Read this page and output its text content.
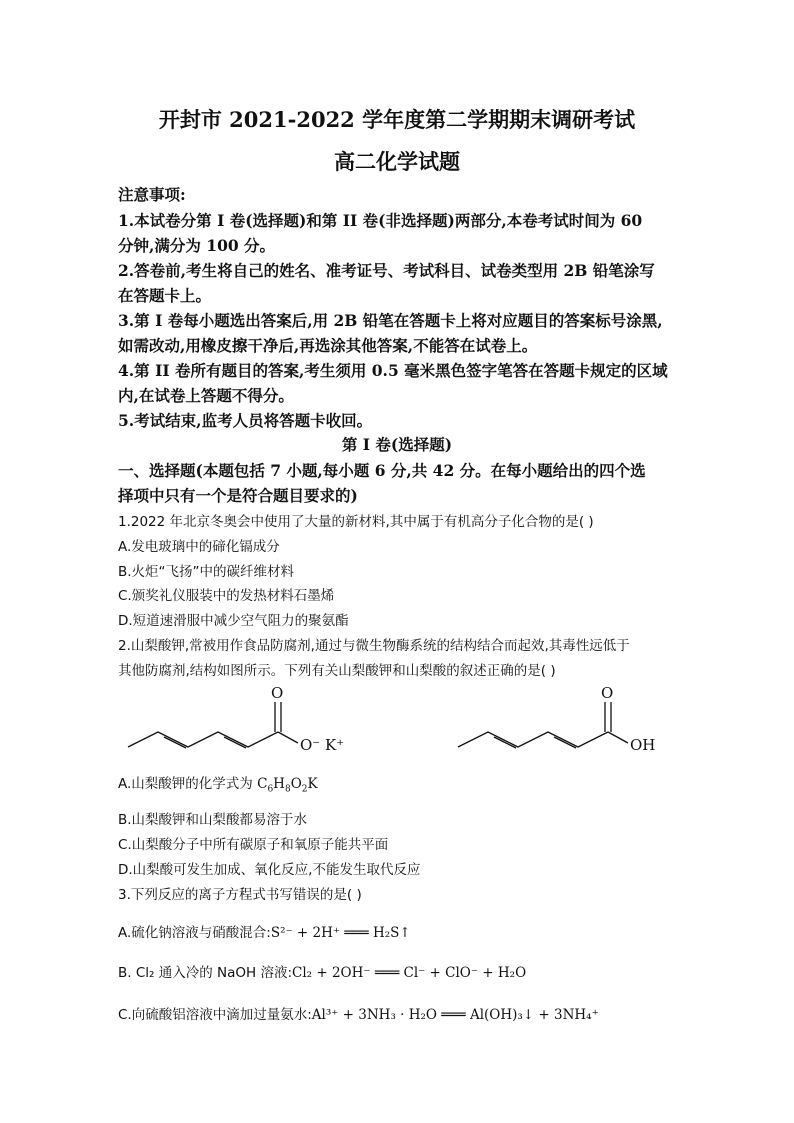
开封市 2021-2022 学年度第二学期期末调研考试
高二化学试题
注意事项:
1.本试卷分第 I 卷(选择题)和第 II 卷(非选择题)两部分,本卷考试时间为 60
分钟,满分为 100 分。
2.答卷前,考生将自己的姓名、准考证号、考试科目、试卷类型用 2B 铅笔涂写
在答题卡上。
3.第 I 卷每小题选出答案后,用 2B 铅笔在答题卡上将对应题目的答案标号涂黑,
如需改动,用橡皮擦干净后,再选涂其他答案,不能答在试卷上。
4.第 II 卷所有题目的答案,考生须用 0.5 毫米黑色签字笔答在答题卡规定的区域
内,在试卷上答题不得分。
5.考试结束,监考人员将答题卡收回。
第 I 卷(选择题)
一、选择题(本题包括 7 小题,每小题 6 分,共 42 分。在每小题给出的四个选
择项中只有一个是符合题目要求的)
1.2022 年北京冬奥会中使用了大量的新材料,其中属于有机高分子化合物的是( )
A.发电玻璃中的碲化镉成分
B.火炬“飞扬”中的碳纤维材料
C.颁奖礼仪服装中的发热材料石墨烯
D.短道速滑服中减少空气阻力的聚氨酯
2.山梨酸钾,常被用作食品防腐剂,通过与微生物酶系统的结构结合而起效,其毒性远低于
其他防腐剂,结构如图所示。下列有关山梨酸钾和山梨酸的叙述正确的是( )
O
O⁻ K⁺
O
OH
A.山梨酸钾的化学式为 $C_6H_8O_2K$
B.山梨酸钾和山梨酸都易溶于水
C.山梨酸分子中所有碳原子和氧原子能共平面
D.山梨酸可发生加成、氧化反应,不能发生取代反应
3.下列反应的离子方程式书写错误的是( )
A.硫化钠溶液与硝酸混合:S²⁻ + 2H⁺ ═══ H₂S↑
B. Cl₂ 通入冷的 NaOH 溶液:Cl₂ + 2OH⁻ ═══ Cl⁻ + ClO⁻ + H₂O
C.向硫酸铝溶液中滴加过量氨水:Al³⁺ + 3NH₃ · H₂O ═══ Al(OH)₃↓ + 3NH₄⁺
